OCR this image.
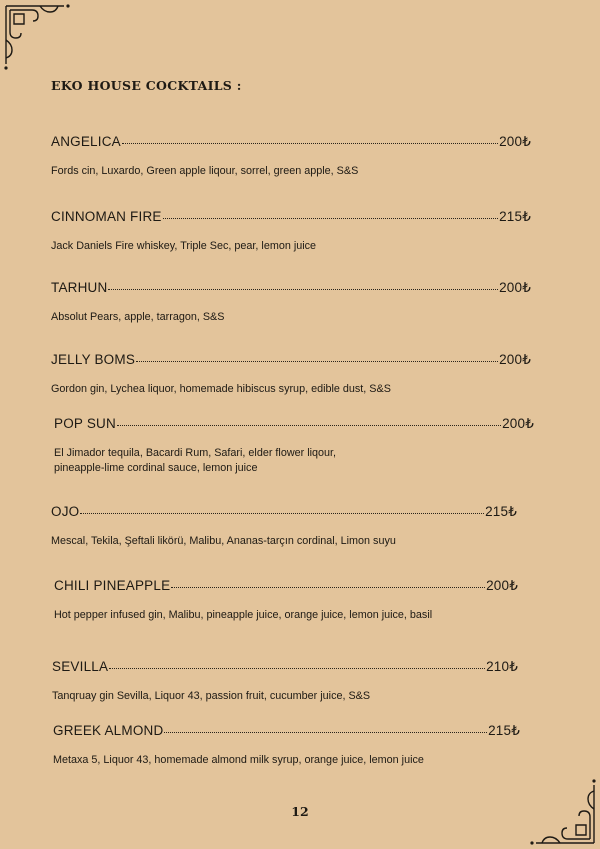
EKO HOUSE COCKTAILS :
ANGELICA	200₺
Fords cin, Luxardo, Green apple liqour, sorrel, green apple, S&S
CINNOMAN FIRE	215₺
Jack Daniels Fire whiskey, Triple Sec, pear, lemon juice
TARHUN	200₺
Absolut Pears, apple, tarragon, S&S
JELLY BOMS	200₺
Gordon gin, Lychea liquor, homemade hibiscus syrup, edible dust, S&S
POP SUN	200₺
El Jimador tequila, Bacardi Rum, Safari, elder flower liqour, pineapple-lime cordinal sauce, lemon juice
OJO	215₺
Mescal, Tekila, Şeftali likörü, Malibu, Ananas-tarçın cordinal, Limon suyu
CHILI PINEAPPLE	200₺
Hot pepper infused gin, Malibu, pineapple juice, orange juice, lemon juice, basil
SEVILLA	210₺
Tanqruay gin Sevilla, Liquor 43, passion fruit, cucumber juice, S&S
GREEK ALMOND	215₺
Metaxa 5, Liquor 43, homemade almond milk syrup, orange juice, lemon juice
12
